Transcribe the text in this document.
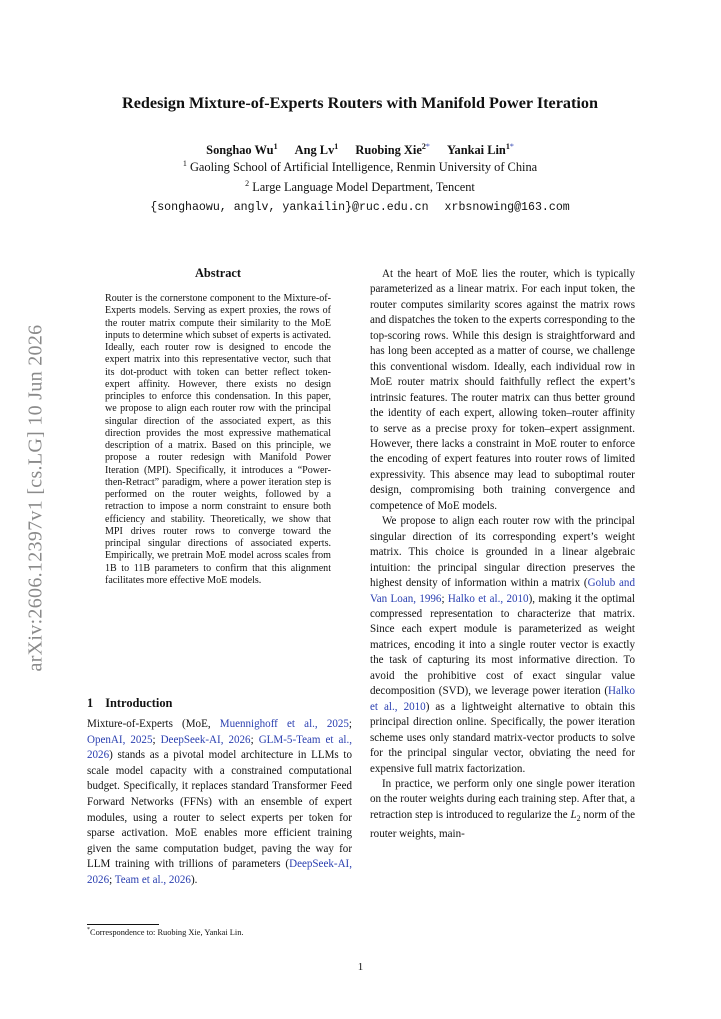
arXiv:2606.12397v1 [cs.LG] 10 Jun 2026
Redesign Mixture-of-Experts Routers with Manifold Power Iteration
Songhao Wu$^1$ Ang Lv$^1$ Ruobing Xie$^{2*}$ Yankai Lin$^{1*}$
$^1$ Gaoling School of Artificial Intelligence, Renmin University of China
$^2$ Large Language Model Department, Tencent
{songhaowu, anglv, yankailin}@ruc.edu.cn xrbsnowing@163.com
Abstract
Router is the cornerstone component to the Mixture-of-Experts models. Serving as expert proxies, the rows of the router matrix compute their similarity to the MoE inputs to determine which subset of experts is activated. Ideally, each router row is designed to encode the expert matrix into this representative vector, such that its dot-product with token can better reflect token-expert affinity. However, there exists no design principles to enforce this condensation. In this paper, we propose to align each router row with the principal singular direction of the associated expert, as this direction provides the most expressive mathematical description of a matrix. Based on this principle, we propose a router redesign with Manifold Power Iteration (MPI). Specifically, it introduces a “Power-then-Retract” paradigm, where a power iteration step is performed on the router weights, followed by a retraction to impose a norm constraint to ensure both efficiency and stability. Theoretically, we show that MPI drives router rows to converge toward the principal singular directions of associated experts. Empirically, we pretrain MoE model across scales from 1B to 11B parameters to confirm that this alignment facilitates more effective MoE models.
1 Introduction
Mixture-of-Experts (MoE, Muennighoff et al., 2025; OpenAI, 2025; DeepSeek-AI, 2026; GLM-5-Team et al., 2026) stands as a pivotal model architecture in LLMs to scale model capacity with a constrained computational budget. Specifically, it replaces standard Transformer Feed Forward Networks (FFNs) with an ensemble of expert modules, using a router to select experts per token for sparse activation. MoE enables more efficient training given the same computation budget, paving the way for LLM training with trillions of parameters (DeepSeek-AI, 2026; Team et al., 2026).
*Correspondence to: Ruobing Xie, Yankai Lin.

At the heart of MoE lies the router, which is typically parameterized as a linear matrix. For each input token, the router computes similarity scores against the matrix rows and dispatches the token to the experts corresponding to the top-scoring rows. While this design is straightforward and has long been accepted as a matter of course, we challenge this conventional wisdom. Ideally, each individual row in MoE router matrix should faithfully reflect the expert’s intrinsic features. The router matrix can thus better ground the identity of each expert, allowing token–router affinity to serve as a precise proxy for token–expert assignment. However, there lacks a constraint in MoE router to enforce the encoding of expert features into router rows of limited expressivity. This absence may lead to suboptimal router design, compromising both training convergence and competence of MoE models.

We propose to align each router row with the principal singular direction of its corresponding expert’s weight matrix. This choice is grounded in a linear algebraic intuition: the principal singular direction preserves the highest density of information within a matrix (Golub and Van Loan, 1996; Halko et al., 2010), making it the optimal compressed representation to characterize that matrix. Since each expert module is parameterized as weight matrices, encoding it into a single router vector is exactly the task of capturing its most informative direction. To avoid the prohibitive cost of exact singular value decomposition (SVD), we leverage power iteration (Halko et al., 2010) as a lightweight alternative to obtain this principal direction online. Specifically, the power iteration scheme uses only standard matrix-vector products to solve for the principal singular vector, obviating the need for expensive full matrix factorization.

In practice, we perform only one single power iteration on the router weights during each training step. After that, a retraction step is introduced to regularize the $L_2$ norm of the router weights, main-

1
